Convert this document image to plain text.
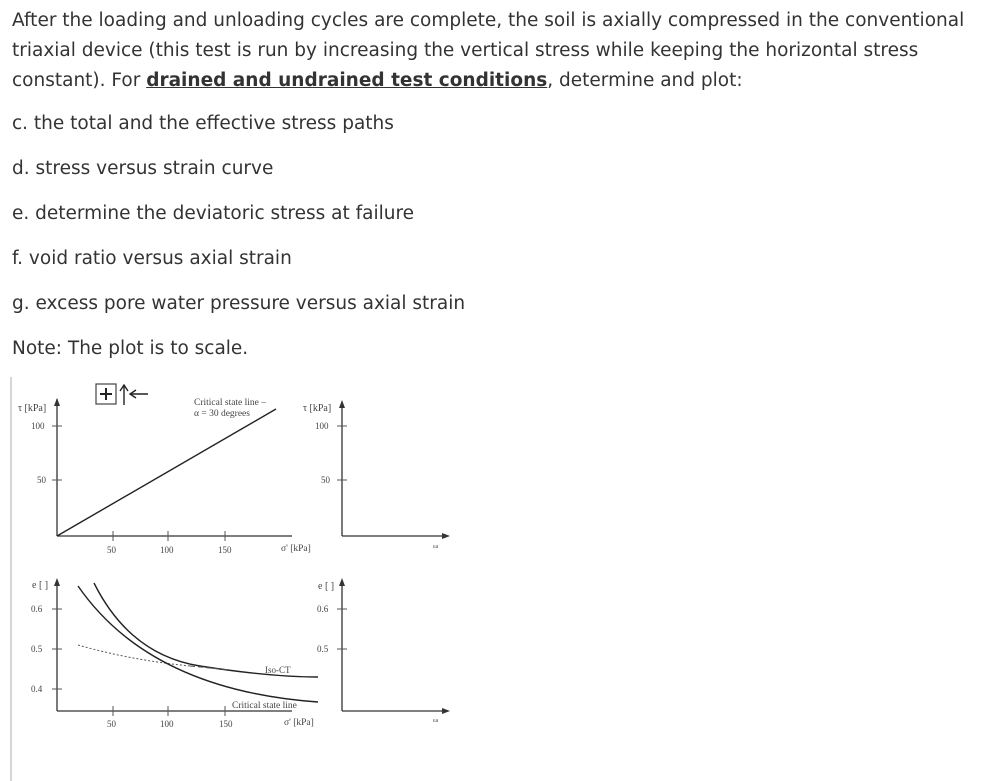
After the loading and unloading cycles are complete, the soil is axially compressed in the conventional triaxial device (this test is run by increasing the vertical stress while keeping the horizontal stress constant). For drained and undrained test conditions, determine and plot:

c. the total and the effective stress paths

d. stress versus strain curve

e. determine the deviatoric stress at failure

f. void ratio versus axial strain

g. excess pore water pressure versus axial strain

Note: The plot is to scale.

τ [kPa]
100
50
50	100	150	σ' [kPa]
Critical state line –
α = 30 degrees	τ [kPa]
100
50
εa
e [ ]
0.6
0.5
0.4
50	100	150	σ' [kPa]
Iso-CT
Critical state line
e [ ]
0.6
0.5
εa
